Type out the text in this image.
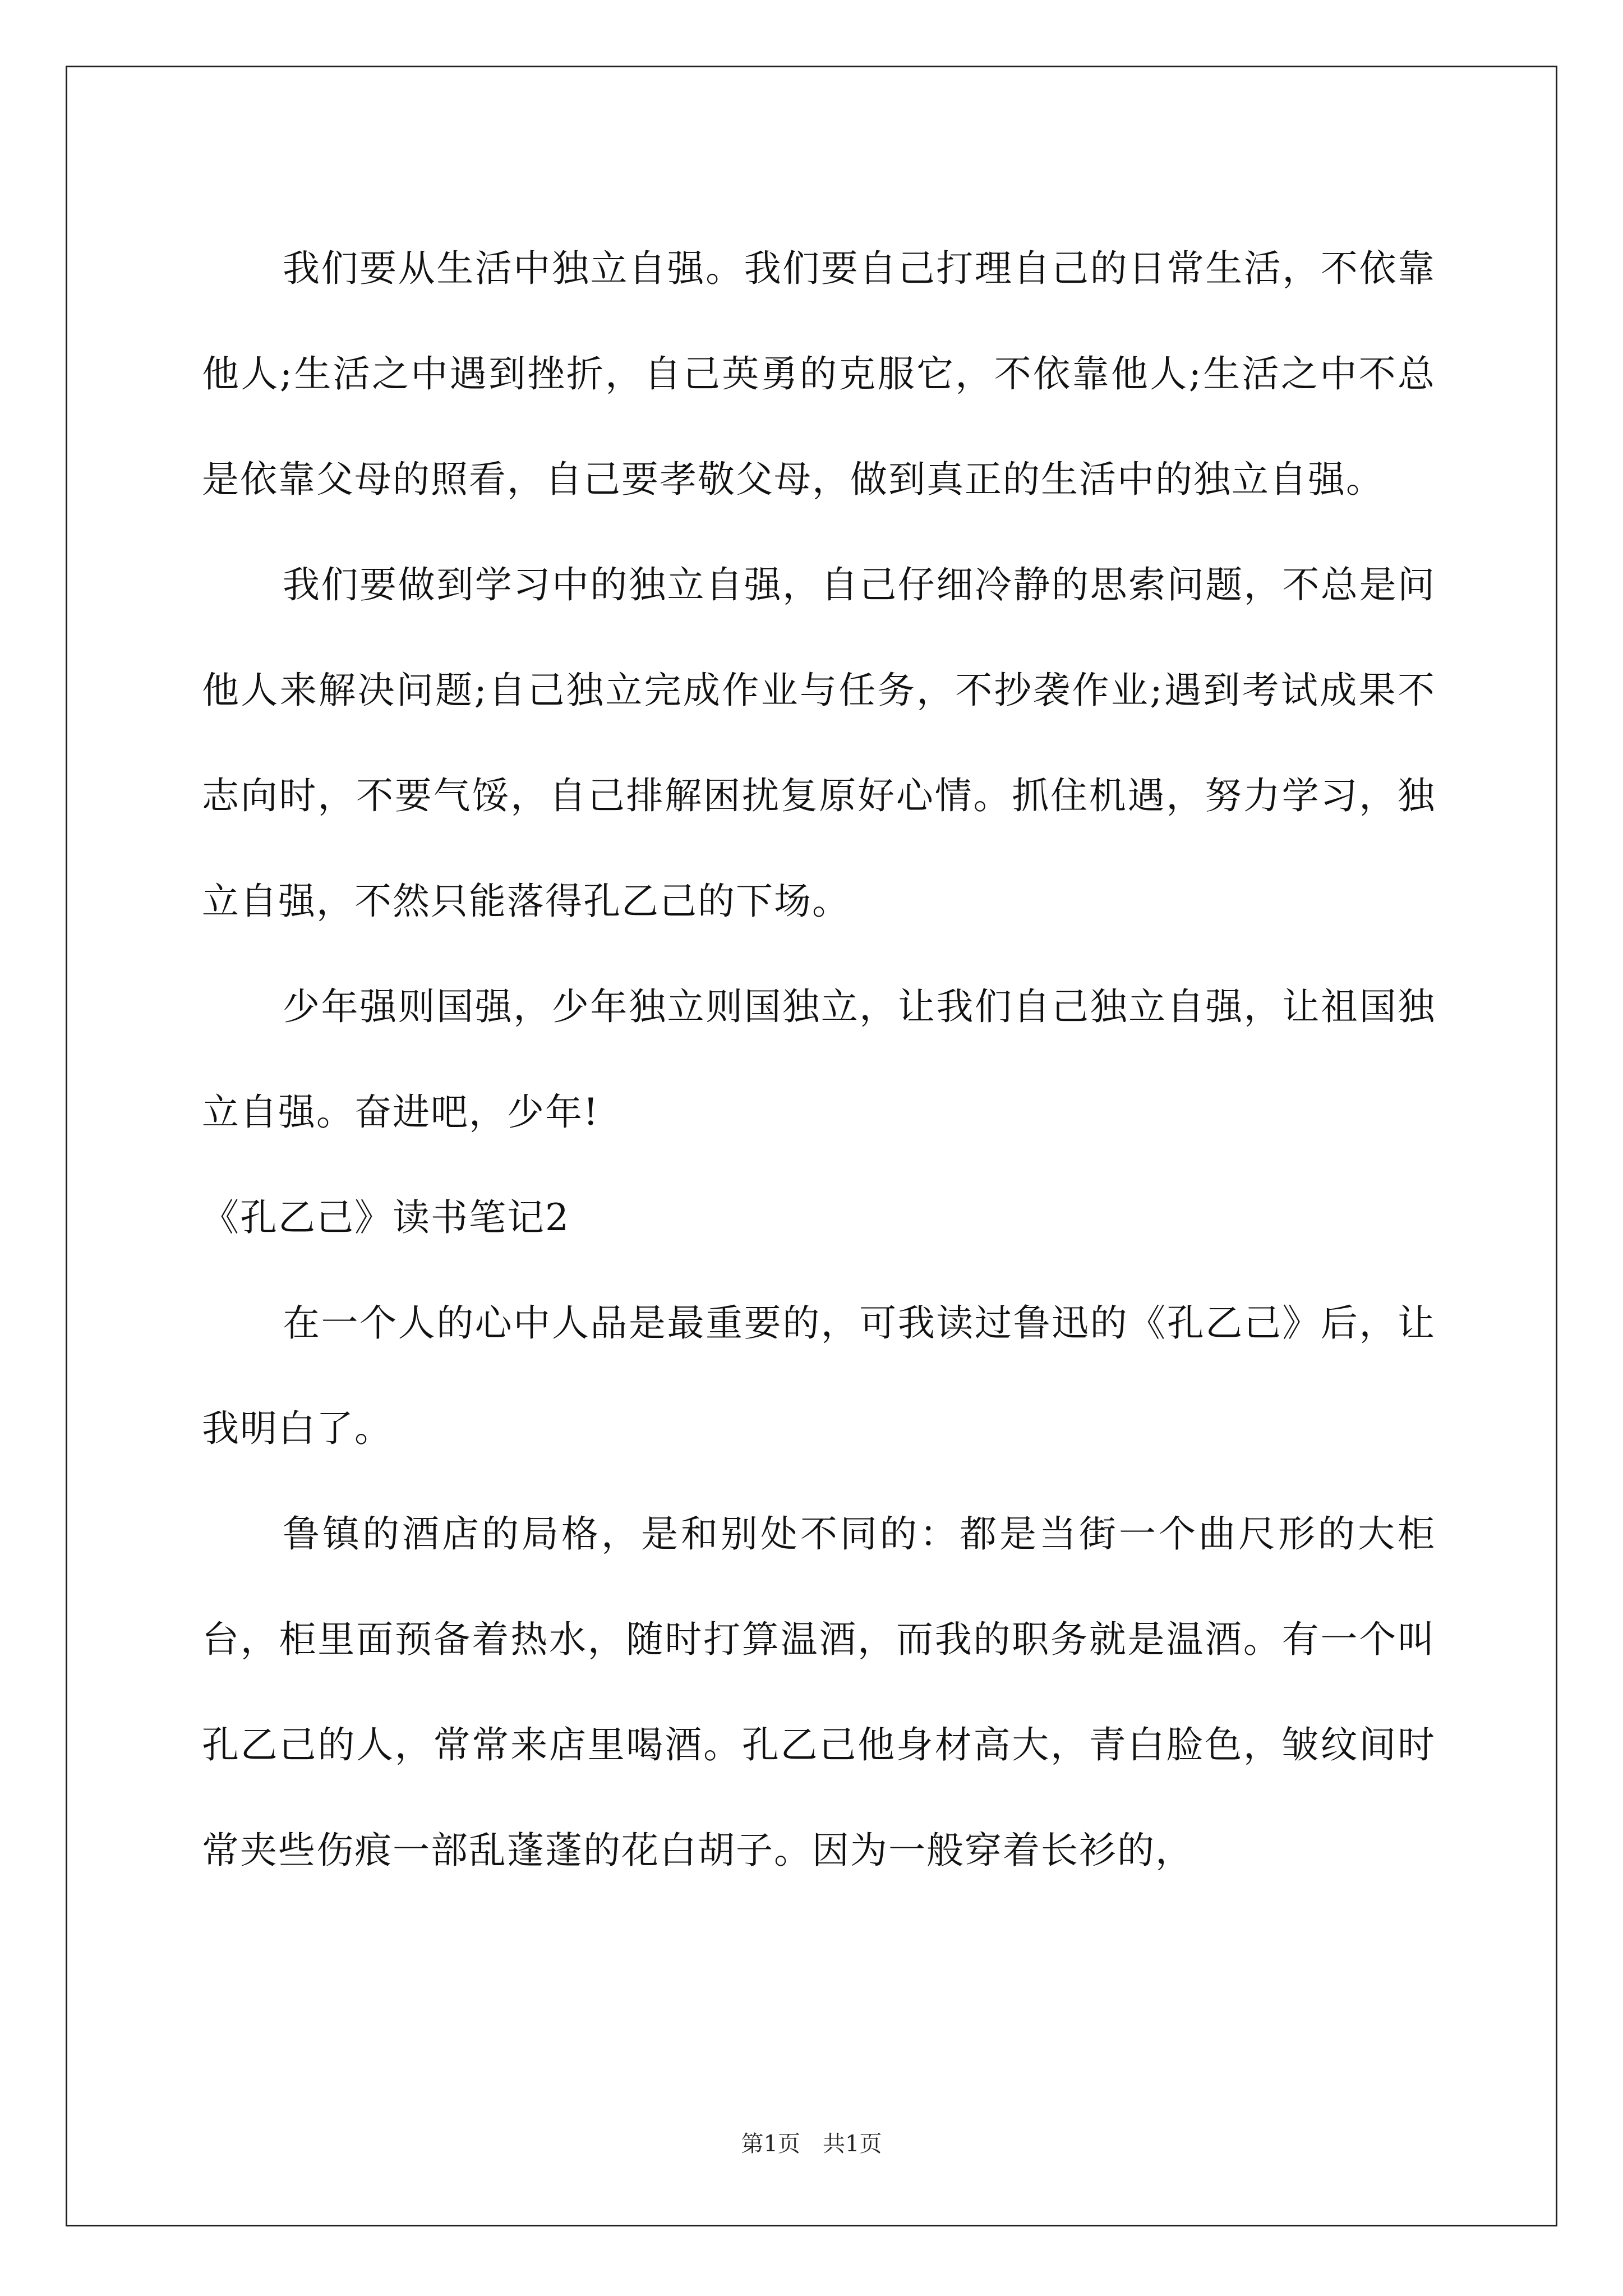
我们要从生活中独立自强。我们要自己打理自己的日常生活，不依靠他人;生活之中遇到挫折，自己英勇的克服它，不依靠他人;生活之中不总是依靠父母的照看，自己要孝敬父母，做到真正的生活中的独立自强。

我们要做到学习中的独立自强，自己仔细冷静的思索问题，不总是问他人来解决问题;自己独立完成作业与任务，不抄袭作业;遇到考试成果不志向时，不要气馁，自己排解困扰复原好心情。抓住机遇，努力学习，独立自强，不然只能落得孔乙己的下场。

少年强则国强，少年独立则国独立，让我们自己独立自强，让祖国独立自强。奋进吧，少年!

《孔乙己》读书笔记2

在一个人的心中人品是最重要的，可我读过鲁迅的《孔乙己》后，让我明白了。

鲁镇的酒店的局格，是和别处不同的：都是当街一个曲尺形的大柜台，柜里面预备着热水，随时打算温酒，而我的职务就是温酒。有一个叫孔乙己的人，常常来店里喝酒。孔乙己他身材高大，青白脸色，皱纹间时常夹些伤痕一部乱蓬蓬的花白胡子。因为一般穿着长衫的，

第1页　共1页
